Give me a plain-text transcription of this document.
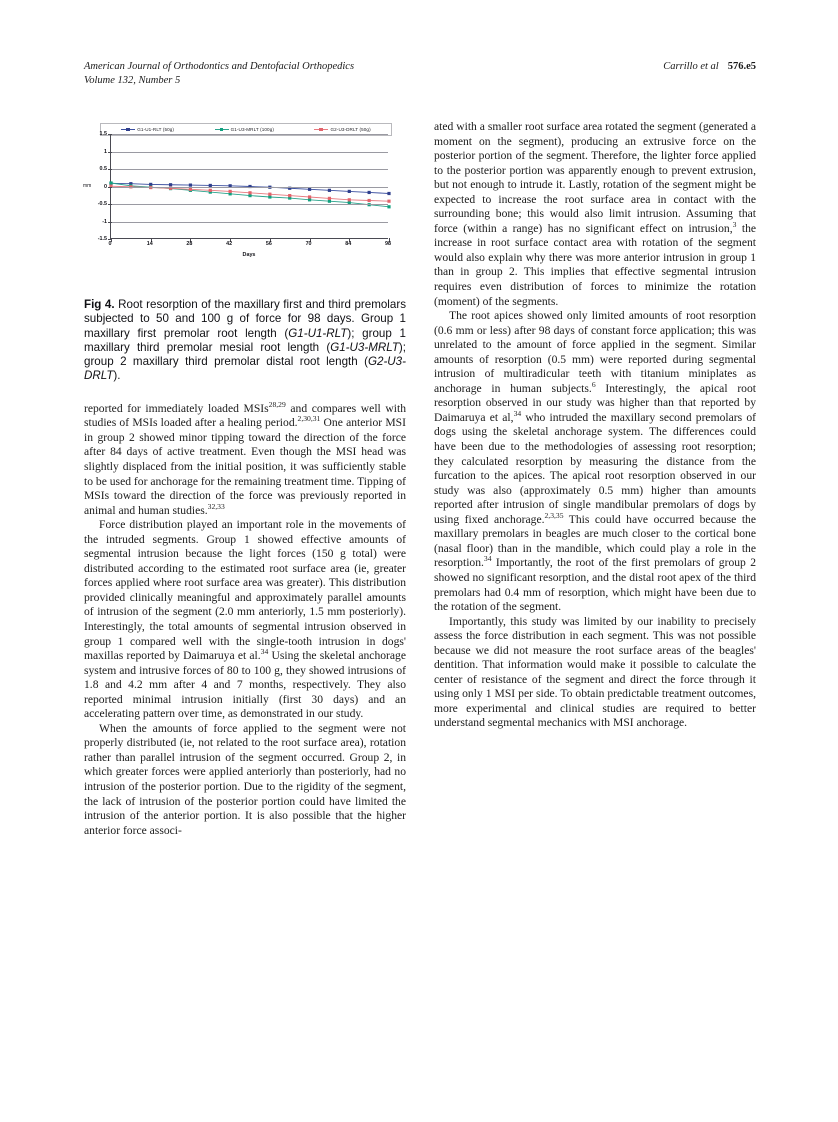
American Journal of Orthodontics and Dentofacial Orthopedics
Volume 132, Number 5
Carrillo et al 576.e5
G1-U1-RLT (50g)	G1-U3-MRLT (100g)	G2-U3-DRLT (50g)
1.5
1
0.5
0
-0.5
-1
-1.5
mm
0	14	28	42	56	70	84	98
Days
Fig 4. Root resorption of the maxillary first and third premolars subjected to 50 and 100 g of force for 98 days. Group 1 maxillary first premolar root length (G1-U1-RLT); group 1 maxillary third premolar mesial root length (G1-U3-MRLT); group 2 maxillary third premolar distal root length (G2-U3-DRLT).

reported for immediately loaded MSIs$^{28,29}$ and compares well with studies of MSIs loaded after a healing period.$^{2,30,31}$ One anterior MSI in group 2 showed minor tipping toward the direction of the force after 84 days of active treatment. Even though the MSI head was slightly displaced from the initial position, it was sufficiently stable to be used for anchorage for the remaining treatment time. Tipping of MSIs toward the direction of the force was previously reported in animal and human studies.$^{32,33}$

Force distribution played an important role in the movements of the intruded segments. Group 1 showed effective amounts of segmental intrusion because the light forces (150 g total) were distributed according to the estimated root surface area (ie, greater forces applied where root surface area was greater). This distribution provided clinically meaningful and approximately parallel amounts of intrusion of the segment (2.0 mm anteriorly, 1.5 mm posteriorly). Interestingly, the total amounts of segmental intrusion observed in group 1 compared well with the single-tooth intrusion in dogs' maxillas reported by Daimaruya et al.$^{34}$ Using the skeletal anchorage system and intrusive forces of 80 to 100 g, they showed intrusions of 1.8 and 4.2 mm after 4 and 7 months, respectively. They also reported minimal intrusion initially (first 30 days) and an accelerating pattern over time, as demonstrated in our study.

When the amounts of force applied to the segment were not properly distributed (ie, not related to the root surface area), rotation rather than parallel intrusion of the segment occurred. Group 2, in which greater forces were applied anteriorly than posteriorly, had no intrusion of the posterior portion. Due to the rigidity of the segment, the lack of intrusion of the posterior portion could have limited the intrusion of the anterior portion. It is also possible that the higher anterior force associ-

ated with a smaller root surface area rotated the segment (generated a moment on the segment), producing an extrusive force on the posterior portion of the segment. Therefore, the lighter force applied to the posterior portion was apparently enough to prevent extrusion, but not enough to intrude it. Lastly, rotation of the segment might be expected to increase the root surface area in contact with the surrounding bone; this would also limit intrusion. Assuming that force (within a range) has no significant effect on intrusion,$^3$ the increase in root surface contact area with rotation of the segment would also explain why there was more anterior intrusion in group 1 than in group 2. This implies that effective segmental intrusion requires even distribution of forces to minimize the rotation (moment) of the segments.

The root apices showed only limited amounts of root resorption (0.6 mm or less) after 98 days of constant force application; this was unrelated to the amount of force applied in the segment. Similar amounts of resorption (0.5 mm) were reported during segmental intrusion of multiradicular teeth with titanium miniplates as anchorage in human subjects.$^6$ Interestingly, the apical root resorption observed in our study was higher than that reported by Daimaruya et al,$^{34}$ who intruded the maxillary second premolars of dogs using the skeletal anchorage system. The differences could have been due to the methodologies of assessing root resorption; they calculated resorption by measuring the distance from the furcation to the apices. The apical root resorption observed in our study was also (approximately 0.5 mm) higher than amounts reported after intrusion of single mandibular premolars of dogs by using fixed anchorage.$^{2,3,35}$ This could have occurred because the maxillary premolars in beagles are much closer to the cortical bone (nasal floor) than in the mandible, which could play a role in the resorption.$^{34}$ Importantly, the root of the first premolars of group 2 showed no significant resorption, and the distal root apex of the third premolars had 0.4 mm of resorption, which might have been due to the rotation of the segment.

Importantly, this study was limited by our inability to precisely assess the force distribution in each segment. This was not possible because we did not measure the root surface areas of the beagles' dentition. That information would make it possible to calculate the center of resistance of the segment and direct the force through it using only 1 MSI per side. To obtain predictable treatment outcomes, more experimental and clinical studies are required to better understand segmental mechanics with MSI anchorage.
